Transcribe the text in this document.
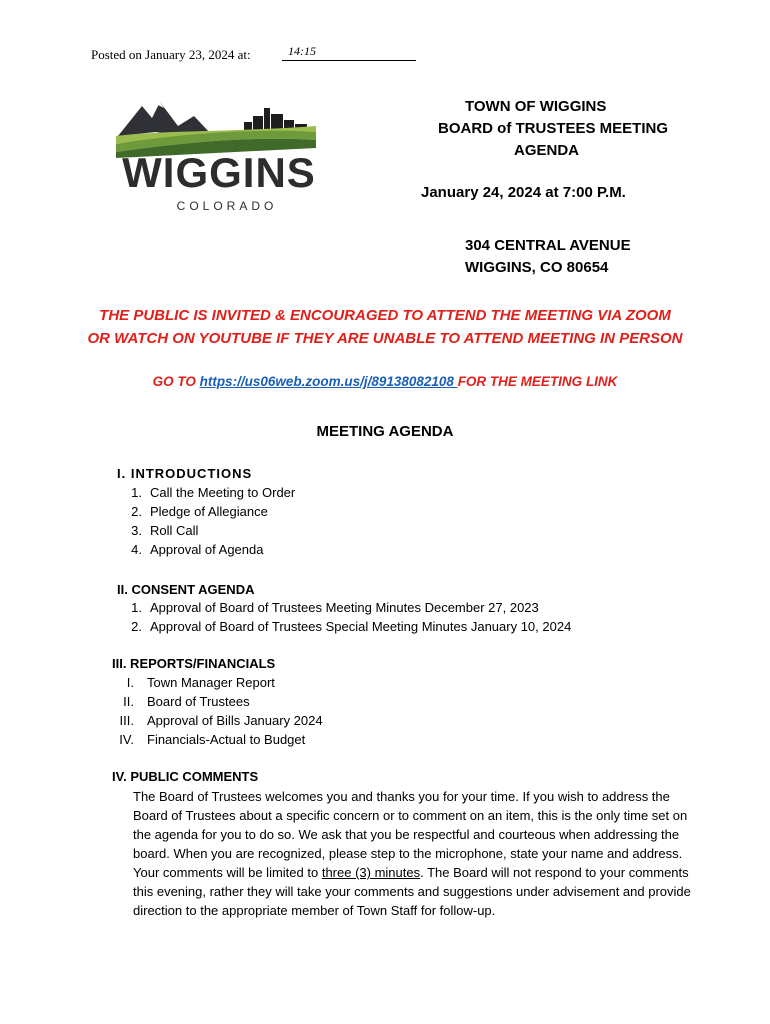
Posted on January 23, 2024 at:	14:15
WIGGINS
COLORADO
TOWN OF WIGGINS
BOARD of TRUSTEES MEETING
AGENDA
January 24, 2024 at 7:00 P.M.
304 CENTRAL AVENUE
WIGGINS, CO 80654
THE PUBLIC IS INVITED & ENCOURAGED TO ATTEND THE MEETING VIA ZOOM
OR WATCH ON YOUTUBE IF THEY ARE UNABLE TO ATTEND MEETING IN PERSON
GO TO https://us06web.zoom.us/j/89138082108 FOR THE MEETING LINK
MEETING AGENDA
I. INTRODUCTIONS
1. Call the Meeting to Order
2. Pledge of Allegiance
3. Roll Call
4. Approval of Agenda
II. CONSENT AGENDA
1. Approval of Board of Trustees Meeting Minutes December 27, 2023
2. Approval of Board of Trustees Special Meeting Minutes January 10, 2024
III. REPORTS/FINANCIALS
I. Town Manager Report
II. Board of Trustees
III. Approval of Bills January 2024
IV. Financials-Actual to Budget
IV. PUBLIC COMMENTS
The Board of Trustees welcomes you and thanks you for your time. If you wish to address the Board of Trustees about a specific concern or to comment on an item, this is the only time set on the agenda for you to do so. We ask that you be respectful and courteous when addressing the board. When you are recognized, please step to the microphone, state your name and address. Your comments will be limited to three (3) minutes. The Board will not respond to your comments this evening, rather they will take your comments and suggestions under advisement and provide direction to the appropriate member of Town Staff for follow-up.
